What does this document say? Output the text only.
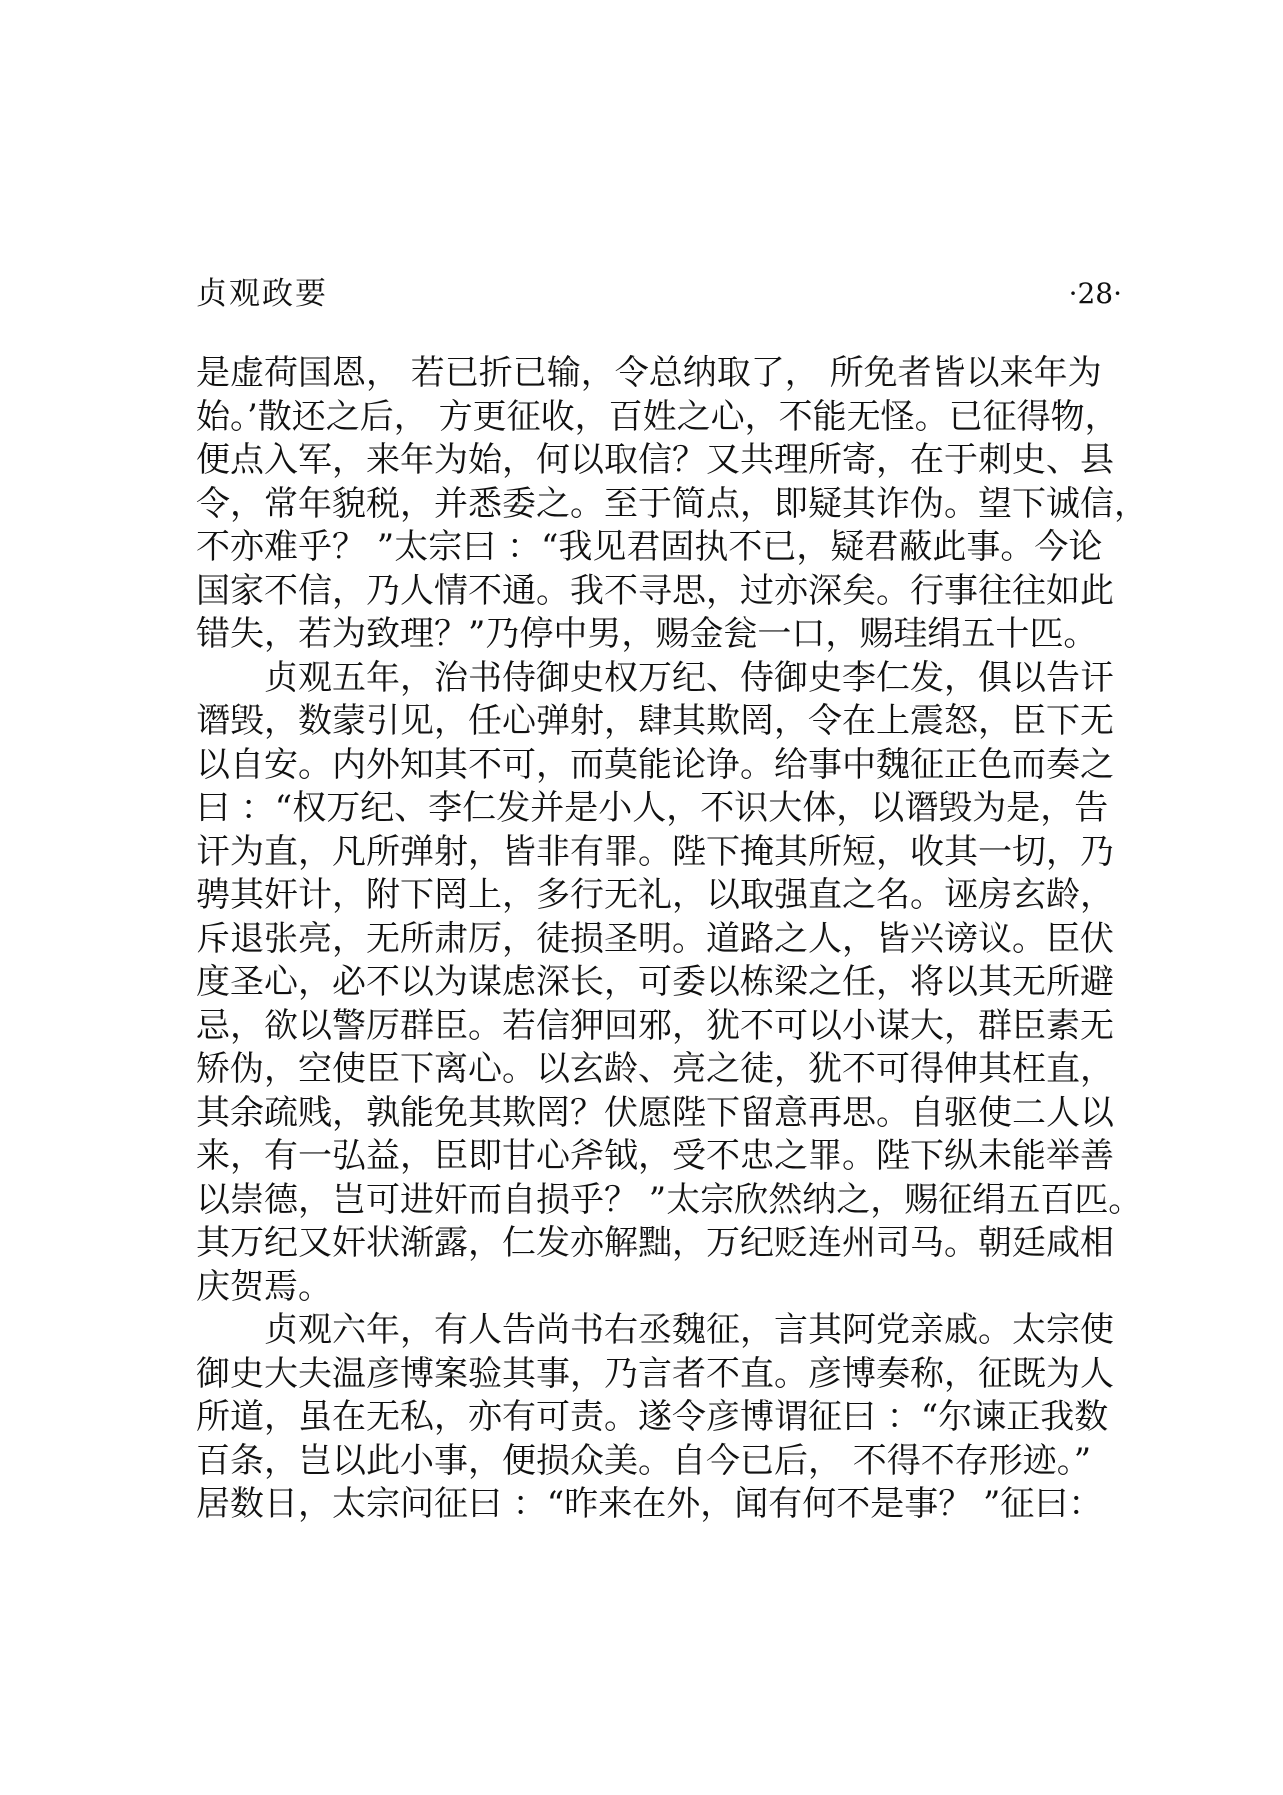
贞观政要	·28·
是虚荷国恩， 若已折已输，令总纳取了， 所免者皆以来年为
始。’散还之后， 方更征收，百姓之心，不能无怪。已征得物，
便点入军，来年为始，何以取信？又共理所寄，在于刺史、县
令，常年貌税，并悉委之。至于简点，即疑其诈伪。望下诚信，
不亦难乎？ ”太宗曰 ：“我见君固执不已，疑君蔽此事。今论
国家不信，乃人情不通。我不寻思，过亦深矣。行事往往如此
错失，若为致理？”乃停中男，赐金瓮一口，赐珪绢五十匹。
贞观五年，治书侍御史权万纪、侍御史李仁发，俱以告讦
谮毁，数蒙引见，任心弹射，肆其欺罔，令在上震怒，臣下无
以自安。内外知其不可，而莫能论诤。给事中魏征正色而奏之
曰 ：“权万纪、李仁发并是小人，不识大体，以谮毁为是，告
讦为直，凡所弹射，皆非有罪。陛下掩其所短，收其一切，乃
骋其奸计，附下罔上，多行无礼，以取强直之名。诬房玄龄，
斥退张亮，无所肃厉，徒损圣明。道路之人，皆兴谤议。臣伏
度圣心，必不以为谋虑深长，可委以栋梁之任，将以其无所避
忌，欲以警厉群臣。若信狎回邪，犹不可以小谋大，群臣素无
矫伪，空使臣下离心。以玄龄、亮之徒，犹不可得伸其枉直，
其余疏贱，孰能免其欺罔？伏愿陛下留意再思。自驱使二人以
来，有一弘益，臣即甘心斧钺，受不忠之罪。陛下纵未能举善
以崇德，岂可进奸而自损乎？ ”太宗欣然纳之，赐征绢五百匹。
其万纪又奸状渐露，仁发亦解黜，万纪贬连州司马。朝廷咸相
庆贺焉。
贞观六年，有人告尚书右丞魏征，言其阿党亲戚。太宗使
御史大夫温彦博案验其事，乃言者不直。彦博奏称，征既为人
所道，虽在无私，亦有可责。遂令彦博谓征曰 ：“尔谏正我数
百条，岂以此小事，便损众美。自今已后， 不得不存形迹。”
居数日，太宗问征曰 ：“昨来在外，闻有何不是事？ ”征曰：
